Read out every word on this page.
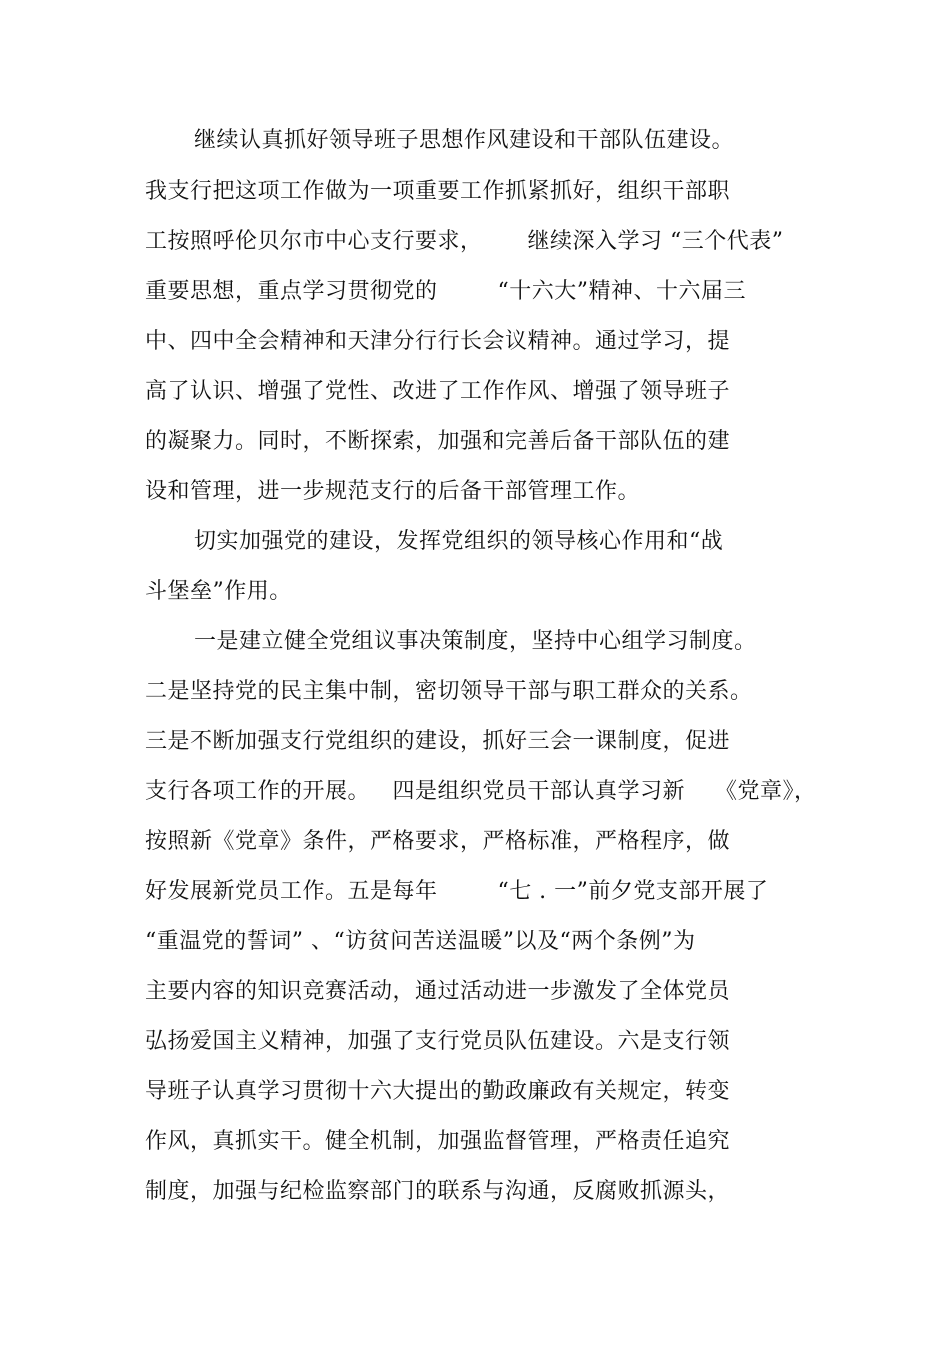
继续认真抓好领导班子思想作风建设和干部队伍建设。
我支行把这项工作做为一项重要工作抓紧抓好，组织干部职
工按照呼伦贝尔市中心支行要求，      继续深入学习 “三个代表”
重要思想，重点学习贯彻党的        “十六大”精神、十六届三
中、四中全会精神和天津分行行长会议精神。通过学习，提
高了认识、增强了党性、改进了工作作风、增强了领导班子
的凝聚力。同时，不断探索，加强和完善后备干部队伍的建
设和管理，进一步规范支行的后备干部管理工作。
切实加强党的建设，发挥党组织的领导核心作用和“战
斗堡垒”作用。
一是建立健全党组议事决策制度，坚持中心组学习制度。
二是坚持党的民主集中制，密切领导干部与职工群众的关系。
三是不断加强支行党组织的建设，抓好三会一课制度，促进
支行各项工作的开展。   四是组织党员干部认真学习新    《党章》，
按照新《党章》条件，严格要求，严格标准，严格程序，做
好发展新党员工作。五是每年        “七 . 一”前夕党支部开展了
“重温党的誓词” 、“访贫问苦送温暖”以及“两个条例”为
主要内容的知识竞赛活动，通过活动进一步激发了全体党员
弘扬爱国主义精神，加强了支行党员队伍建设。六是支行领
导班子认真学习贯彻十六大提出的勤政廉政有关规定，转变
作风，真抓实干。健全机制，加强监督管理，严格责任追究
制度，加强与纪检监察部门的联系与沟通，反腐败抓源头，
